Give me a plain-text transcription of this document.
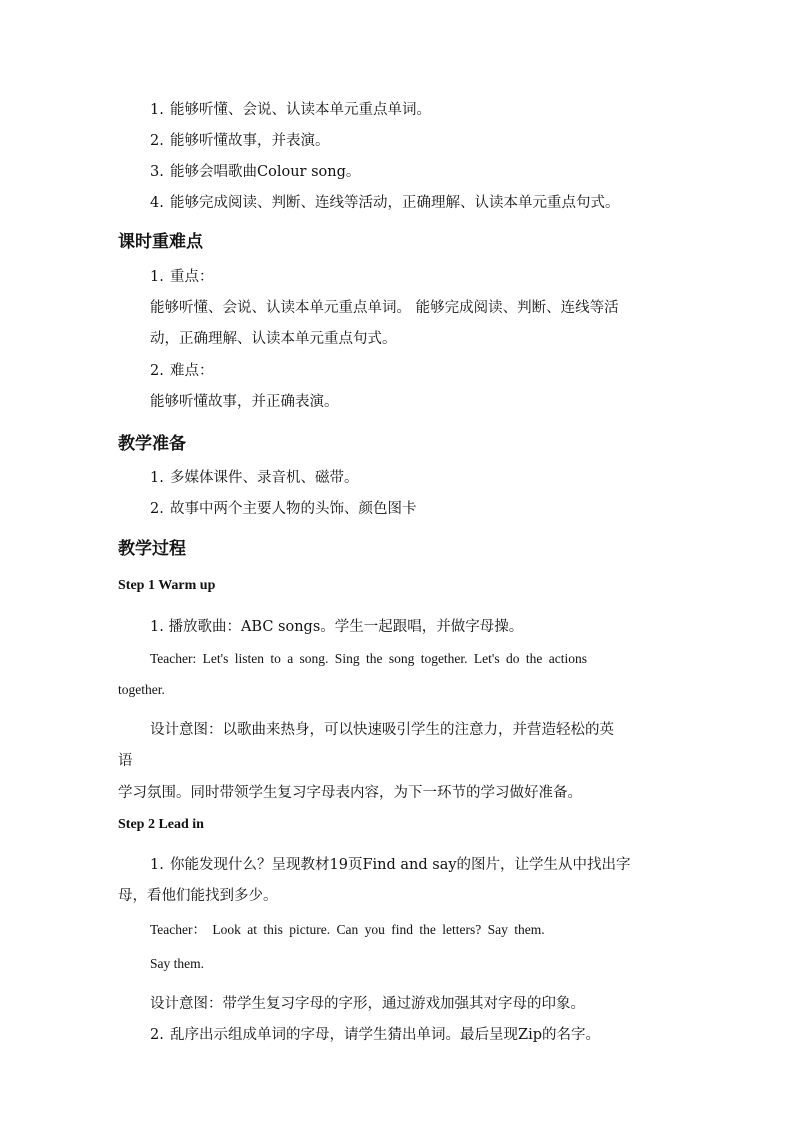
1. 能够听懂、会说、认读本单元重点单词。
2. 能够听懂故事，并表演。
3. 能够会唱歌曲Colour song。
4. 能够完成阅读、判断、连线等活动，正确理解、认读本单元重点句式。
课时重难点
1. 重点：
能够听懂、会说、认读本单元重点单词。 能够完成阅读、判断、连线等活
动，正确理解、认读本单元重点句式。
2. 难点：
能够听懂故事，并正确表演。
教学准备
1. 多媒体课件、录音机、磁带。
2. 故事中两个主要人物的头饰、颜色图卡
教学过程
Step 1 Warm up
1. 播放歌曲：ABC songs。学生一起跟唱，并做字母操。
Teacher: Let's listen to a song. Sing the song together. Let's do the actions
together.
设计意图：以歌曲来热身，可以快速吸引学生的注意力，并营造轻松的英
语
学习氛围。同时带领学生复习字母表内容，为下一环节的学习做好准备。
Step 2 Lead in
1. 你能发现什么？呈现教材19页Find and say的图片，让学生从中找出字
母，看他们能找到多少。
Teacher： Look at this picture. Can you find the letters? Say them.
Say them.
设计意图：带学生复习字母的字形，通过游戏加强其对字母的印象。
2. 乱序出示组成单词的字母，请学生猜出单词。最后呈现Zip的名字。
